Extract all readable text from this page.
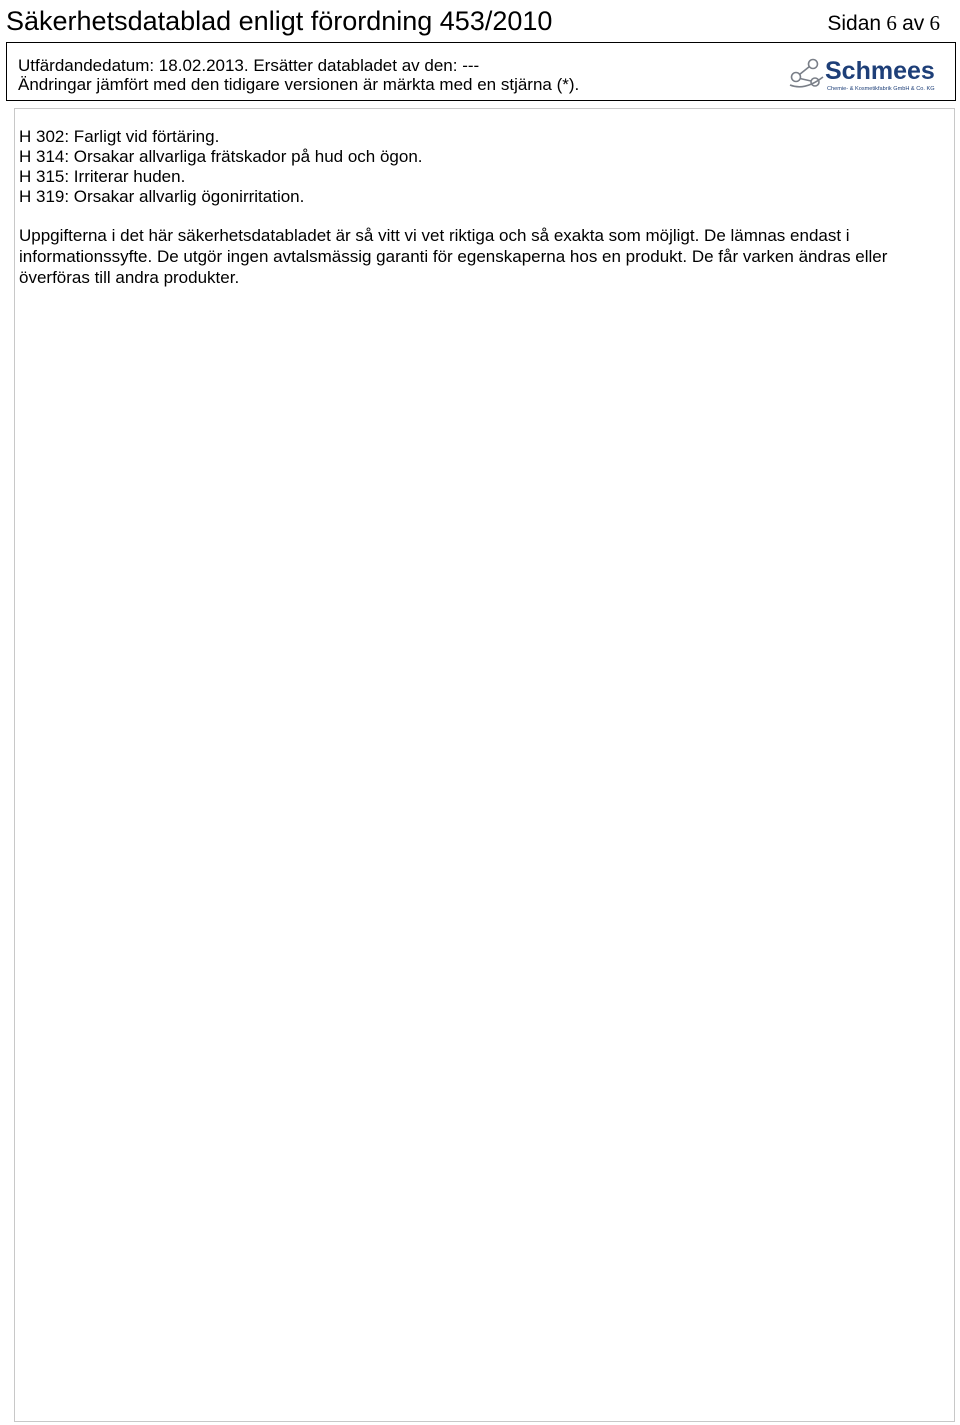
Säkerhetsdatablad enligt förordning 453/2010	Sidan 6 av 6
Utfärdandedatum: 18.02.2013. Ersätter databladet av den: ---
Ändringar jämfört med den tidigare versionen är märkta med en stjärna (*).	Schmees
Chemie- & Kosmetikfabrik GmbH & Co. KG
H 302: Farligt vid förtäring.
H 314: Orsakar allvarliga frätskador på hud och ögon.
H 315: Irriterar huden.
H 319: Orsakar allvarlig ögonirritation.
Uppgifterna i det här säkerhetsdatabladet är så vitt vi vet riktiga och så exakta som möjligt. De lämnas endast i informationssyfte. De utgör ingen avtalsmässig garanti för egenskaperna hos en produkt. De får varken ändras eller överföras till andra produkter.
